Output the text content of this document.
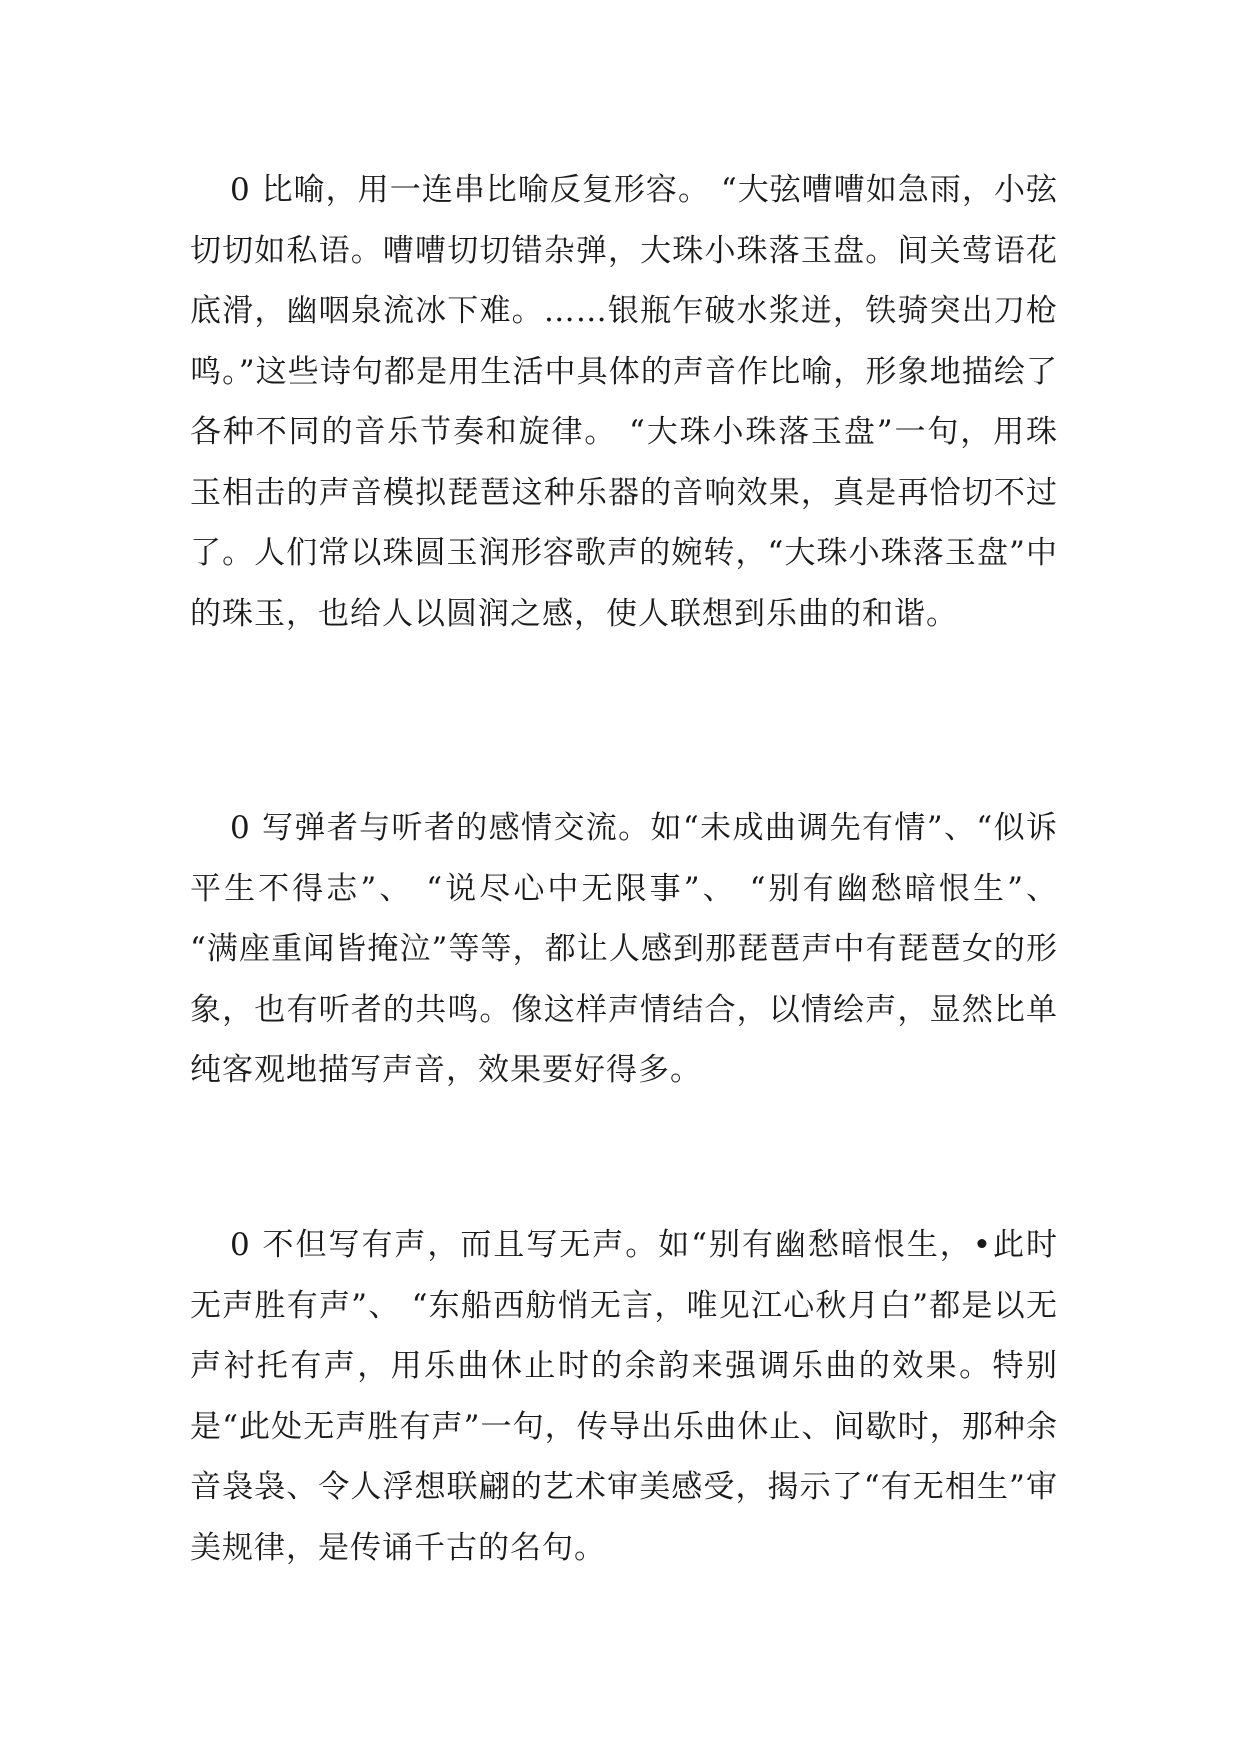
0 比喻，用一连串比喻反复形容。 “大弦嘈嘈如急雨，小弦切切如私语。嘈嘈切切错杂弹，大珠小珠落玉盘。间关莺语花底滑，幽咽泉流冰下难。……银瓶乍破水浆迸，铁骑突出刀枪鸣。”这些诗句都是用生活中具体的声音作比喻，形象地描绘了各种不同的音乐节奏和旋律。 “大珠小珠落玉盘”一句，用珠玉相击的声音模拟琵琶这种乐器的音响效果，真是再恰切不过了。人们常以珠圆玉润形容歌声的婉转，“大珠小珠落玉盘”中的珠玉，也给人以圆润之感，使人联想到乐曲的和谐。

0 写弹者与听者的感情交流。如“未成曲调先有情”、“似诉平生不得志”、 “说尽心中无限事”、 “别有幽愁暗恨生”、 “满座重闻皆掩泣”等等，都让人感到那琵琶声中有琵琶女的形象，也有听者的共鸣。像这样声情结合，以情绘声，显然比单纯客观地描写声音，效果要好得多。

0 不但写有声，而且写无声。如“别有幽愁暗恨生，•此时无声胜有声”、 “东船西舫悄无言，唯见江心秋月白”都是以无声衬托有声，用乐曲休止时的余韵来强调乐曲的效果。特别是“此处无声胜有声”一句，传导出乐曲休止、间歇时，那种余音袅袅、令人浮想联翩的艺术审美感受，揭示了“有无相生”审美规律，是传诵千古的名句。
